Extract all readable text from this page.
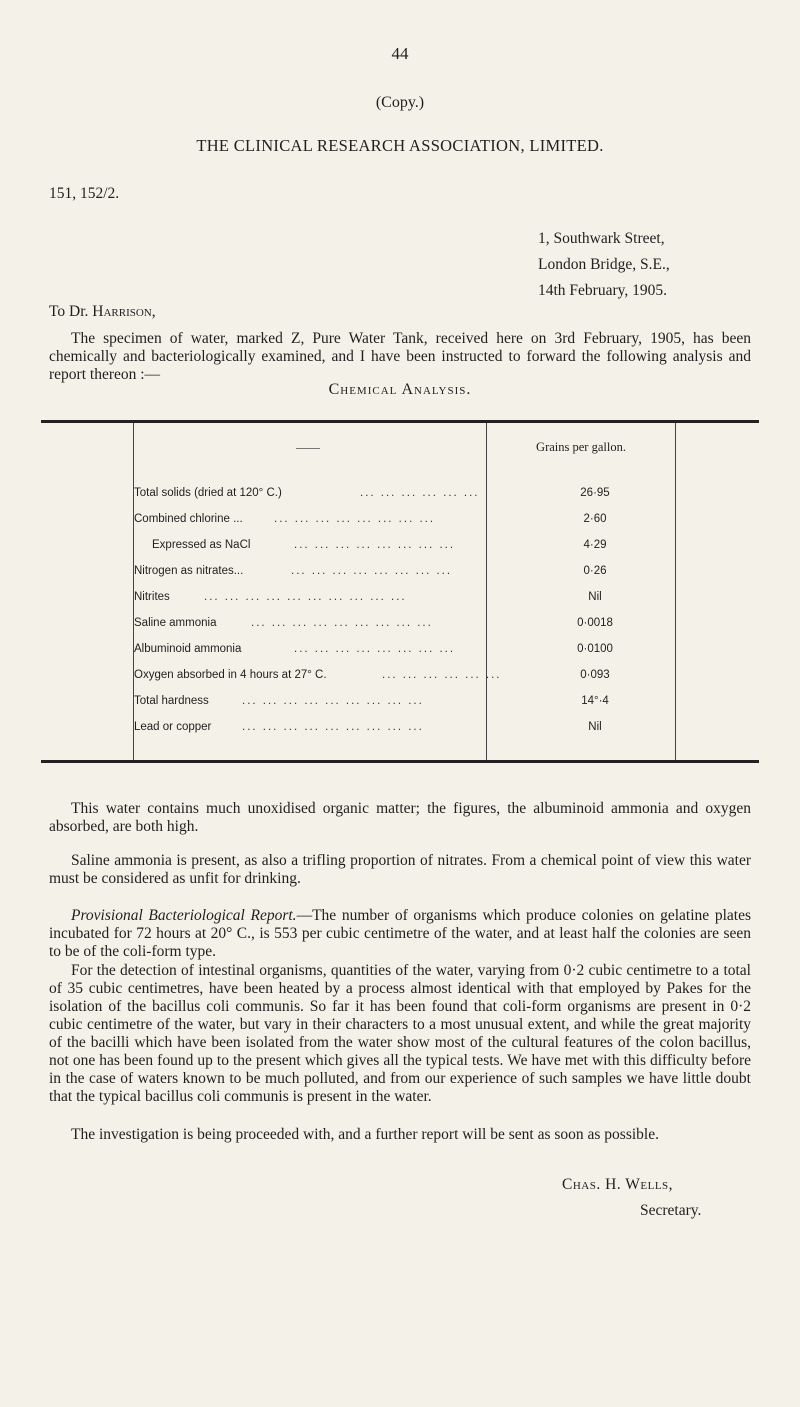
44
(Copy.)
THE CLINICAL RESEARCH ASSOCIATION, LIMITED.
151, 152/2.
1, Southwark Street,
London Bridge, S.E.,
14th February, 1905.
To Dr. Harrison,

The specimen of water, marked Z, Pure Water Tank, received here on 3rd February, 1905, has been chemically and bacteriologically examined, and I have been instructed to forward the following analysis and report thereon :—

Chemical Analysis.
——	Grains per gallon.
Total solids (dried at 120° C.)	... ... ... ... ... ...	26·95
Combined chlorine ...	... ... ... ... ... ... ... ...	2·60
Expressed as NaCl	... ... ... ... ... ... ... ...	4·29
Nitrogen as nitrates...	... ... ... ... ... ... ... ...	0·26
Nitrites	... ... ... ... ... ... ... ... ... ...	Nil
Saline ammonia	... ... ... ... ... ... ... ... ...	0·0018
Albuminoid ammonia	... ... ... ... ... ... ... ...	0·0100
Oxygen absorbed in 4 hours at 27° C.	... ... ... ... ... ...	0·093
Total hardness	... ... ... ... ... ... ... ... ...	14°·4
Lead or copper	... ... ... ... ... ... ... ... ...	Nil

This water contains much unoxidised organic matter; the figures, the albuminoid ammonia and oxygen absorbed, are both high.

Saline ammonia is present, as also a trifling proportion of nitrates. From a chemical point of view this water must be considered as unfit for drinking.

Provisional Bacteriological Report.—The number of organisms which produce colonies on gelatine plates incubated for 72 hours at 20° C., is 553 per cubic centimetre of the water, and at least half the colonies are seen to be of the coli-form type.

For the detection of intestinal organisms, quantities of the water, varying from 0·2 cubic centimetre to a total of 35 cubic centimetres, have been heated by a process almost identical with that employed by Pakes for the isolation of the bacillus coli communis. So far it has been found that coli-form organisms are present in 0·2 cubic centimetre of the water, but vary in their characters to a most unusual extent, and while the great majority of the bacilli which have been isolated from the water show most of the cultural features of the colon bacillus, not one has been found up to the present which gives all the typical tests. We have met with this difficulty before in the case of waters known to be much polluted, and from our experience of such samples we have little doubt that the typical bacillus coli communis is present in the water.

The investigation is being proceeded with, and a further report will be sent as soon as possible.

Chas. H. Wells,
Secretary.
